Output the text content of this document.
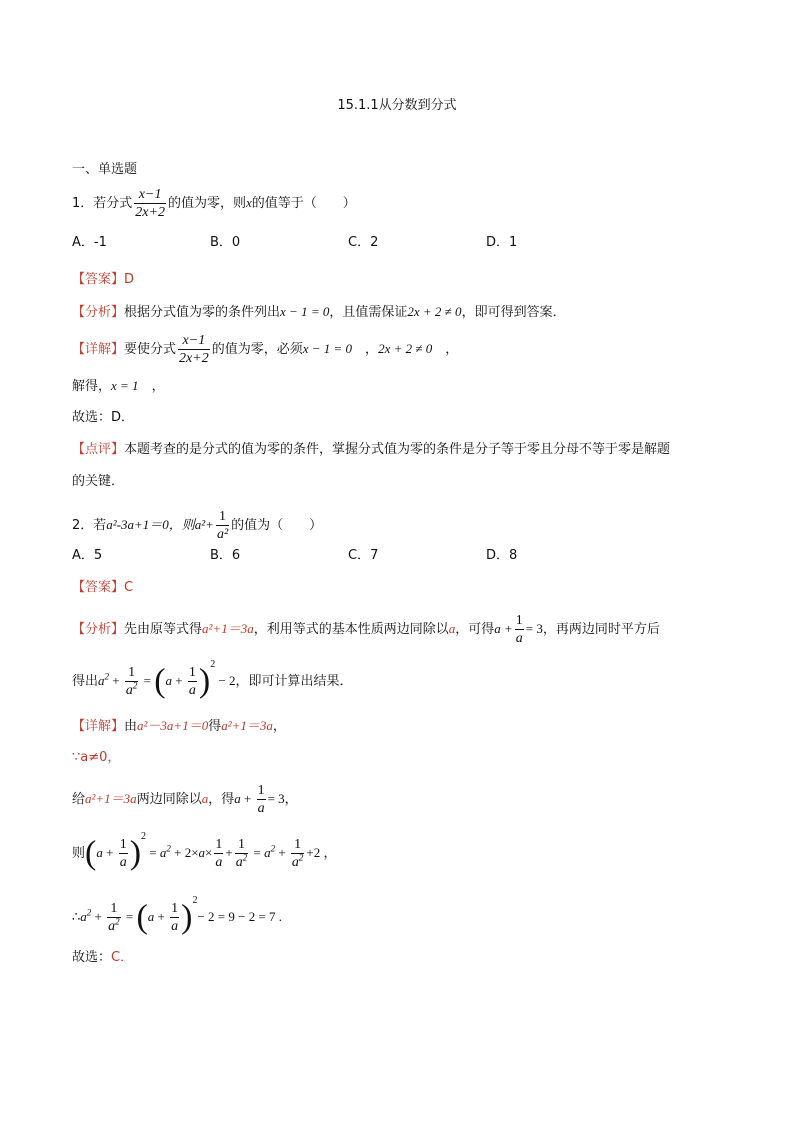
15.1.1从分数到分式
一、单选题
1．若分式 $\frac{x-1}{2x+2}$ 的值为零，则x的值等于（　　）
A．-1	B．0	C．2	D．1
【答案】D
【分析】根据分式值为零的条件列出x − 1 = 0，且值需保证2x + 2 ≠ 0，即可得到答案．
【详解】要使分式 $\frac{x-1}{2x+2}$ 的值为零，必须x − 1 = 0　，2x + 2 ≠ 0　，
解得，x = 1　，
故选：D．
【点评】本题考查的是分式的值为零的条件，掌握分式值为零的条件是分子等于零且分母不等于零是解题
的关键．
2．若a²-3a+1＝0，则$a^2+ \frac{1}{\text{a²}}$ 的值为（　　）
A．5	B．6	C．7	D．8
【答案】C
【分析】先由原等式得a²+1＝3a，利用等式的基本性质两边同除以a，可得$a + \frac{1}{a} = 3$，再两边同时平方后
得出$a^2 + \frac{1}{a^2} = (a + \frac{1}{a} )^2 - 2$，即可计算出结果．
【详解】由a²－3a+1＝0得a²+1＝3a，
∵a≠0，
给a²+1＝3a两边同除以a，得$a + \frac{1}{a} = 3$，
则$(a + \frac{1}{a} )^2 = a^2 + 2\times a\times \frac{1}{a} + \frac{1}{a^2} = a^2 + \frac{1}{a^2} +2$ ，
$\therefore a^2 + \frac{1}{a^2} = (a + \frac{1}{a} )^2- 2 = 9 - 2 = 7$ .
故选：C．
